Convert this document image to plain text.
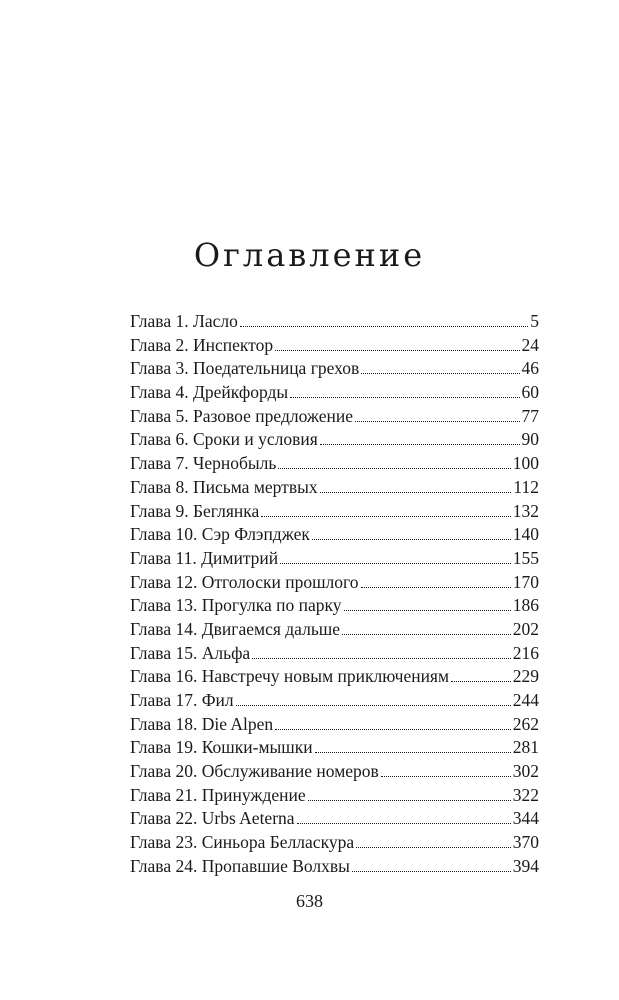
Оглавление
Глава 1. Ласло	5
Глава 2. Инспектор	24
Глава 3. Поедательница грехов	46
Глава 4. Дрейкфорды	60
Глава 5. Разовое предложение	77
Глава 6. Сроки и условия	90
Глава 7. Чернобыль	100
Глава 8. Письма мертвых	112
Глава 9. Беглянка	132
Глава 10. Сэр Флэпджек	140
Глава 11. Димитрий	155
Глава 12. Отголоски прошлого	170
Глава 13. Прогулка по парку	186
Глава 14. Двигаемся дальше	202
Глава 15. Альфа	216
Глава 16. Навстречу новым приключениям	229
Глава 17. Фил	244
Глава 18. Die Alpen	262
Глава 19. Кошки-мышки	281
Глава 20. Обслуживание номеров	302
Глава 21. Принуждение	322
Глава 22. Urbs Aeterna	344
Глава 23. Синьора Белласкура	370
Глава 24. Пропавшие Волхвы	394
638
